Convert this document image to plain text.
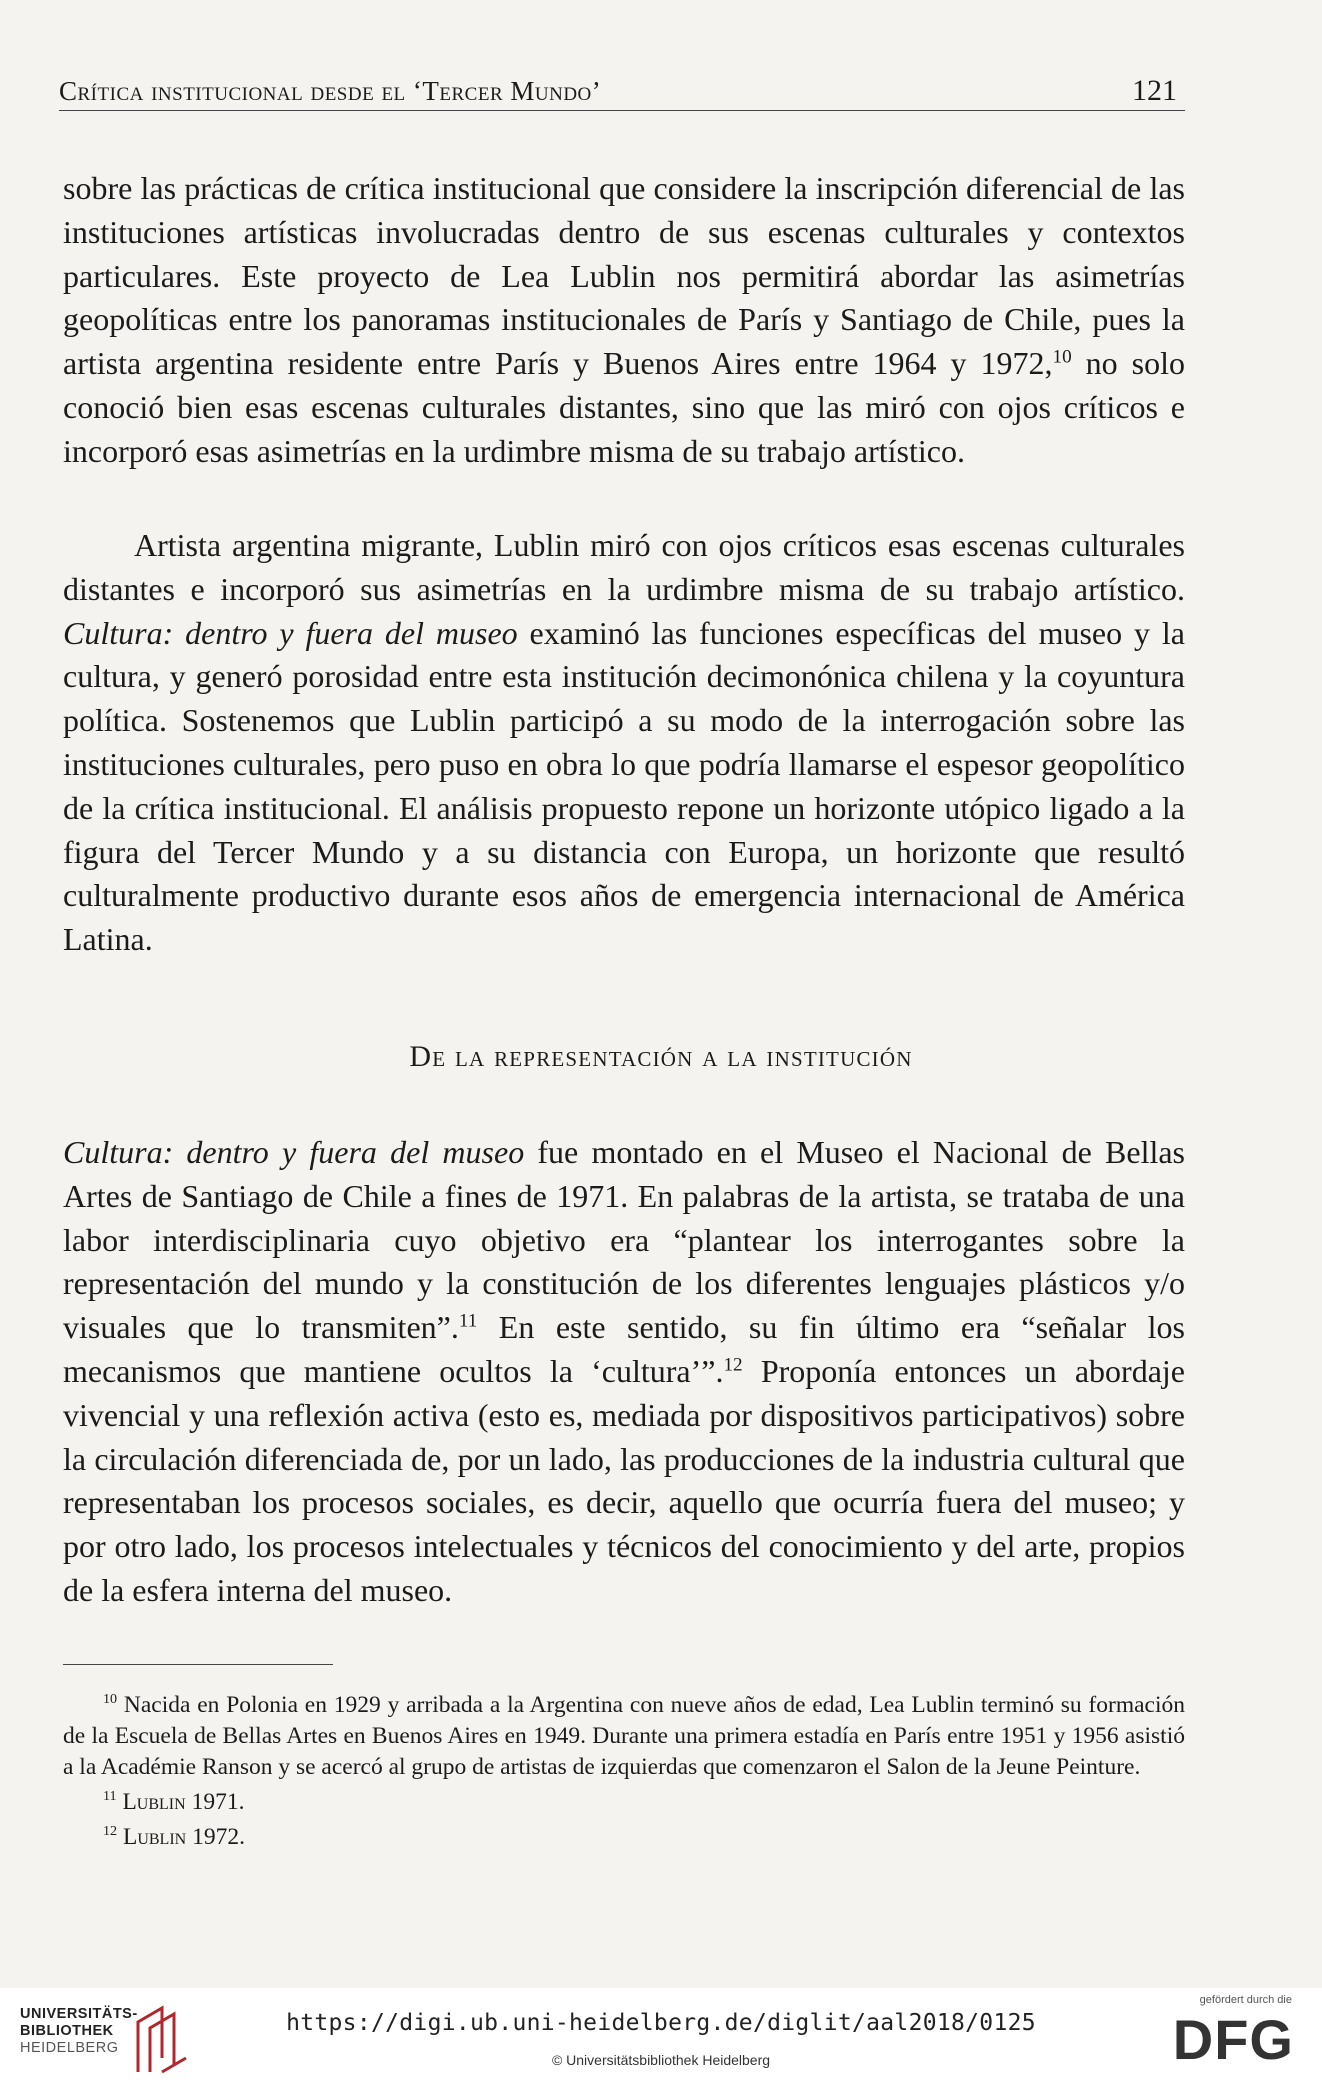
Crítica institucional desde el ‘Tercer Mundo’	121

sobre las prácticas de crítica institucional que considere la inscripción diferencial de las instituciones artísticas involucradas dentro de sus escenas culturales y contextos particulares. Este proyecto de Lea Lublin nos permitirá abordar las asimetrías geopolíticas entre los panoramas institucionales de París y Santiago de Chile, pues la artista argentina residente entre París y Buenos Aires entre 1964 y 1972,10 no solo conoció bien esas escenas culturales distantes, sino que las miró con ojos críticos e incorporó esas asimetrías en la urdimbre misma de su trabajo artístico.

Artista argentina migrante, Lublin miró con ojos críticos esas escenas culturales distantes e incorporó sus asimetrías en la urdimbre misma de su trabajo artístico. Cultura: dentro y fuera del museo examinó las funciones específicas del museo y la cultura, y generó porosidad entre esta institución decimonónica chilena y la coyuntura política. Sostenemos que Lublin participó a su modo de la interrogación sobre las instituciones culturales, pero puso en obra lo que podría llamarse el espesor geopolítico de la crítica institucional. El análisis propuesto repone un horizonte utópico ligado a la figura del Tercer Mundo y a su distancia con Europa, un horizonte que resultó culturalmente productivo durante esos años de emergencia internacional de América Latina.

De la representación a la institución

Cultura: dentro y fuera del museo fue montado en el Museo el Nacional de Bellas Artes de Santiago de Chile a fines de 1971. En palabras de la artista, se trataba de una labor interdisciplinaria cuyo objetivo era “plantear los interrogantes sobre la representación del mundo y la constitución de los diferentes lenguajes plásticos y/o visuales que lo transmiten”.$^{11}$ En este sentido, su fin último era “señalar los mecanismos que mantiene ocultos la ‘cultura’”.$^{12}$ Proponía entonces un abordaje vivencial y una reflexión activa (esto es, mediada por dispositivos participativos) sobre la circulación diferenciada de, por un lado, las producciones de la industria cultural que representaban los procesos sociales, es decir, aquello que ocurría fuera del museo; y por otro lado, los procesos intelectuales y técnicos del conocimiento y del arte, propios de la esfera interna del museo.

$^{10}$ Nacida en Polonia en 1929 y arribada a la Argentina con nueve años de edad, Lea Lublin terminó su formación de la Escuela de Bellas Artes en Buenos Aires en 1949. Durante una primera estadía en París entre 1951 y 1956 asistió a la Académie Ranson y se acercó al grupo de artistas de izquierdas que comenzaron el Salon de la Jeune Peinture.

$^{11}$ Lublin 1971.

$^{12}$ Lublin 1972.

UNIVERSITÄTS-
BIBLIOTHEK
HEIDELBERG
https://digi.ub.uni-heidelberg.de/diglit/aal2018/0125
© Universitätsbibliothek Heidelberg
gefördert durch die
DFG
